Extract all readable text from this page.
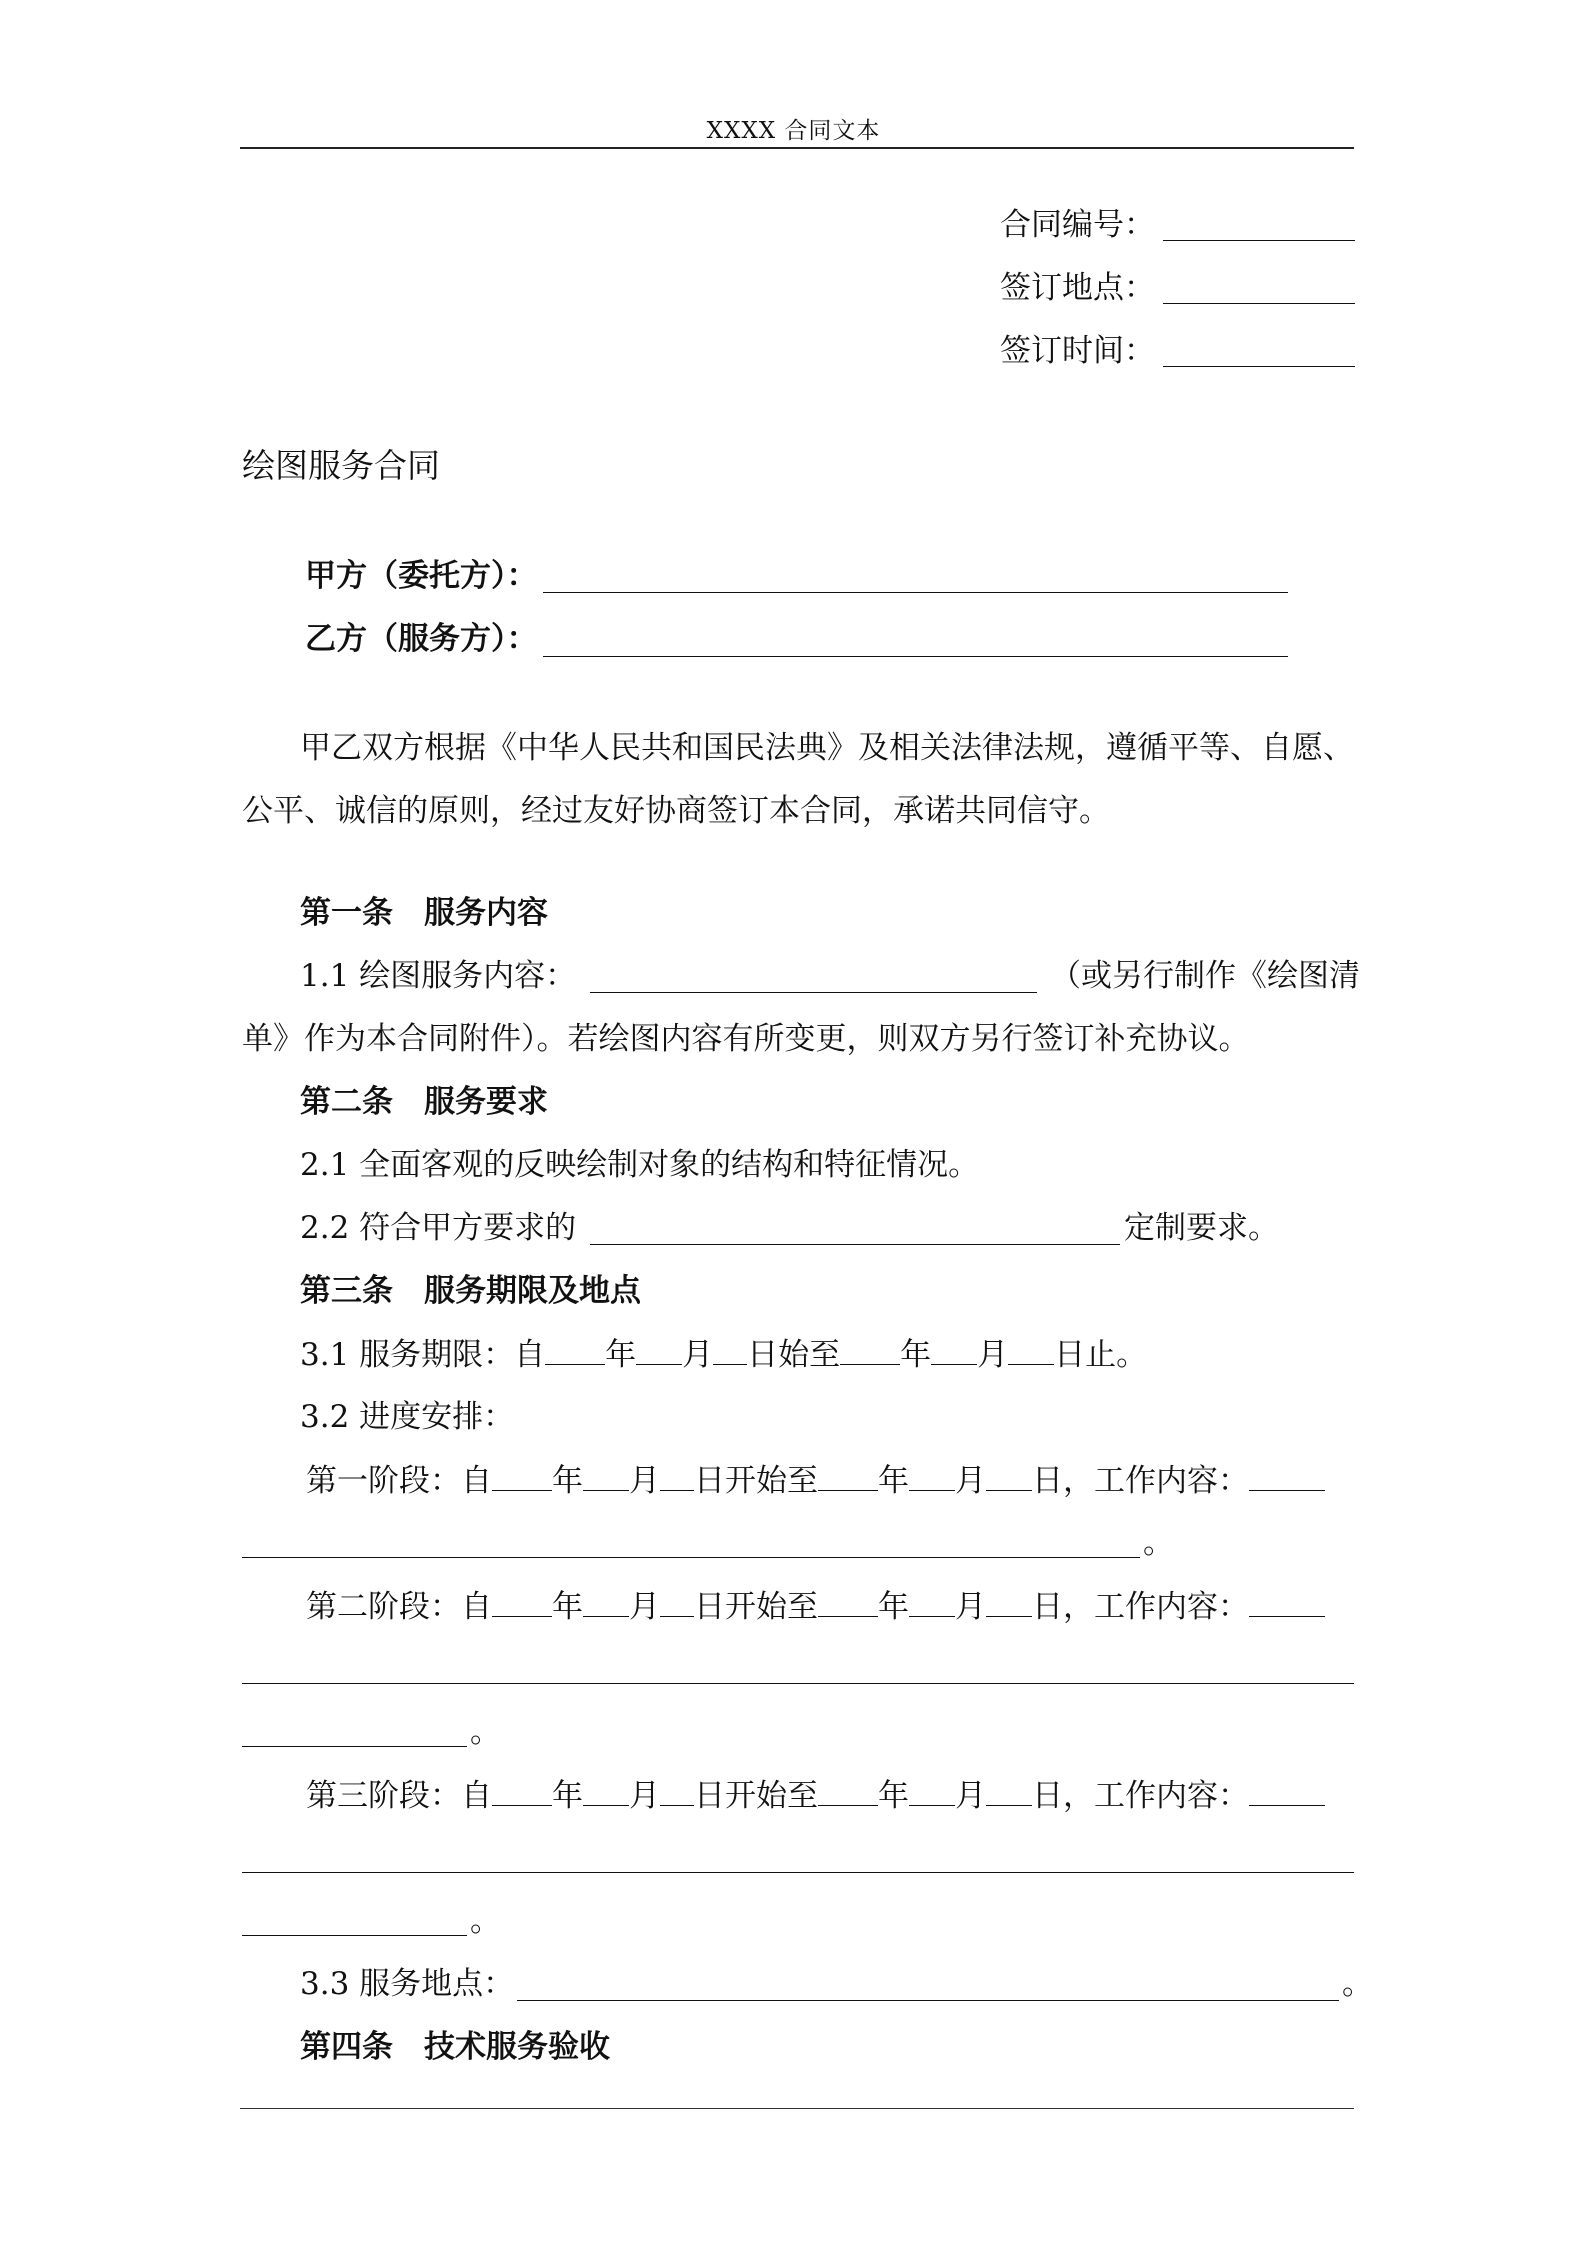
XXXX 合同文本
合同编号：
签订地点：
签订时间：
绘图服务合同
甲方（委托方）：
乙方（服务方）：
甲乙双方根据《中华人民共和国民法典》及相关法律法规，遵循平等、自愿、
公平、诚信的原则，经过友好协商签订本合同，承诺共同信守。
第一条　服务内容
1.1 绘图服务内容：	（或另行制作《绘图清
单》作为本合同附件）。若绘图内容有所变更，则双方另行签订补充协议。
第二条　服务要求
2.1 全面客观的反映绘制对象的结构和特征情况。
2.2 符合甲方要求的	定制要求。
第三条　服务期限及地点
3.1 服务期限：自 年 月 日始至 年 月 日止。
3.2 进度安排：
第一阶段：自 年 月 日开始至 年 月 日，工作内容：
。
第二阶段：自 年 月 日开始至 年 月 日，工作内容：
。
第三阶段：自 年 月 日开始至 年 月 日，工作内容：
。
3.3 服务地点：	。
第四条　技术服务验收
